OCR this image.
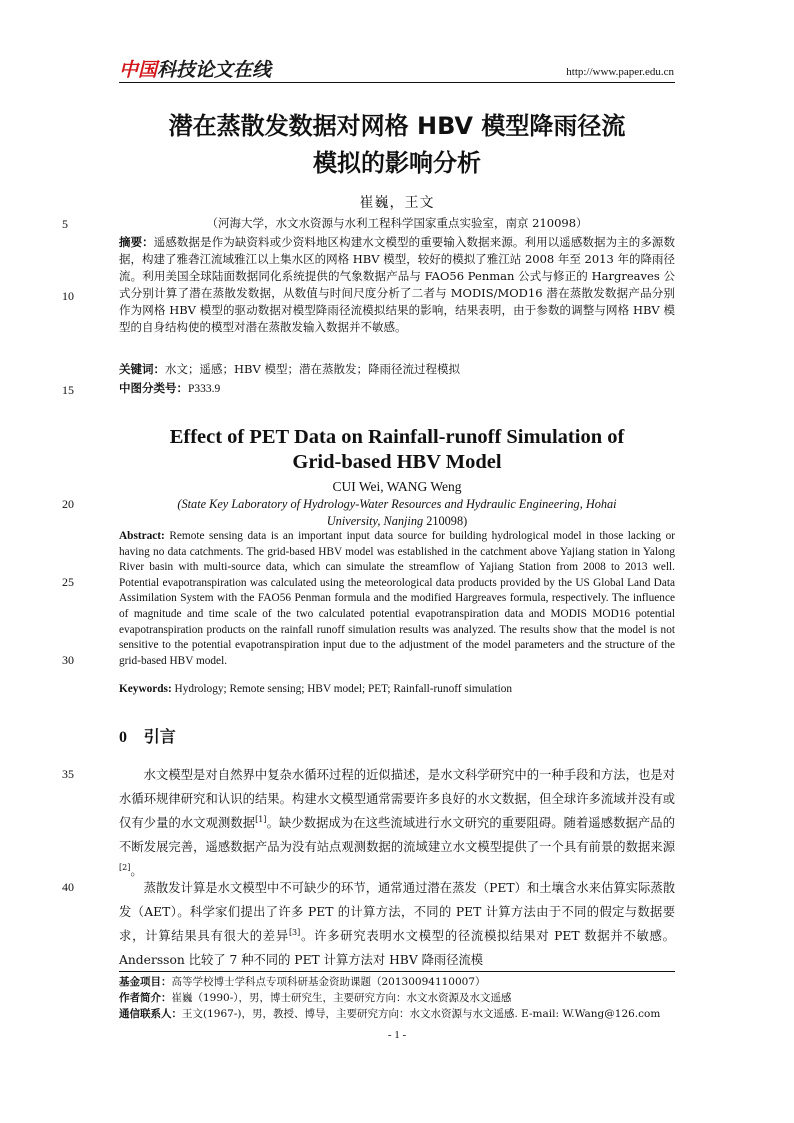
中国科技论文在线	http://www.paper.edu.cn
潜在蒸散发数据对网格 HBV 模型降雨径流
模拟的影响分析
崔巍，王文
（河海大学，水文水资源与水利工程科学国家重点实验室，南京 210098）
5
10
15
20
25
30
35
40
摘要：遥感数据是作为缺资料或少资料地区构建水文模型的重要输入数据来源。利用以遥感数据为主的多源数据，构建了雅砻江流域雅江以上集水区的网格 HBV 模型，较好的模拟了雅江站 2008 年至 2013 年的降雨径流。利用美国全球陆面数据同化系统提供的气象数据产品与 FAO56 Penman 公式与修正的 Hargreaves 公式分别计算了潜在蒸散发数据，从数值与时间尺度分析了二者与 MODIS/MOD16 潜在蒸散发数据产品分别作为网格 HBV 模型的驱动数据对模型降雨径流模拟结果的影响，结果表明，由于参数的调整与网格 HBV 模型的自身结构使的模型对潜在蒸散发输入数据并不敏感。
关键词：水文；遥感；HBV 模型；潜在蒸散发；降雨径流过程模拟
中图分类号：P333.9
Effect of PET Data on Rainfall-runoff Simulation of
Grid-based HBV Model
CUI Wei, WANG Weng
(State Key Laboratory of Hydrology-Water Resources and Hydraulic Engineering, Hohai
University, Nanjing 210098)
Abstract: Remote sensing data is an important input data source for building hydrological model in those lacking or having no data catchments. The grid-based HBV model was established in the catchment above Yajiang station in Yalong River basin with multi-source data, which can simulate the streamflow of Yajiang Station from 2008 to 2013 well. Potential evapotranspiration was calculated using the meteorological data products provided by the US Global Land Data Assimilation System with the FAO56 Penman formula and the modified Hargreaves formula, respectively. The influence of magnitude and time scale of the two calculated potential evapotranspiration data and MODIS MOD16 potential evapotranspiration products on the rainfall runoff simulation results was analyzed. The results show that the model is not sensitive to the potential evapotranspiration input due to the adjustment of the model parameters and the structure of the grid-based HBV model.
Keywords: Hydrology; Remote sensing; HBV model; PET; Rainfall-runoff simulation
0 引言
水文模型是对自然界中复杂水循环过程的近似描述，是水文科学研究中的一种手段和方法，也是对水循环规律研究和认识的结果。构建水文模型通常需要许多良好的水文数据，但全球许多流域并没有或仅有少量的水文观测数据[1]。缺少数据成为在这些流域进行水文研究的重要阻碍。随着遥感数据产品的不断发展完善，遥感数据产品为没有站点观测数据的流域建立水文模型提供了一个具有前景的数据来源[2]。
蒸散发计算是水文模型中不可缺少的环节，通常通过潜在蒸发（PET）和土壤含水来估算实际蒸散发（AET）。科学家们提出了许多 PET 的计算方法，不同的 PET 计算方法由于不同的假定与数据要求，计算结果具有很大的差异[3]。许多研究表明水文模型的径流模拟结果对 PET 数据并不敏感。Andersson 比较了 7 种不同的 PET 计算方法对 HBV 降雨径流模
基金项目：高等学校博士学科点专项科研基金资助课题（20130094110007）
作者简介：崔巍（1990-），男，博士研究生，主要研究方向：水文水资源及水文遥感
通信联系人：王文(1967-)，男，教授、博导，主要研究方向：水文水资源与水文遥感. E-mail: W.Wang@126.com
- 1 -
